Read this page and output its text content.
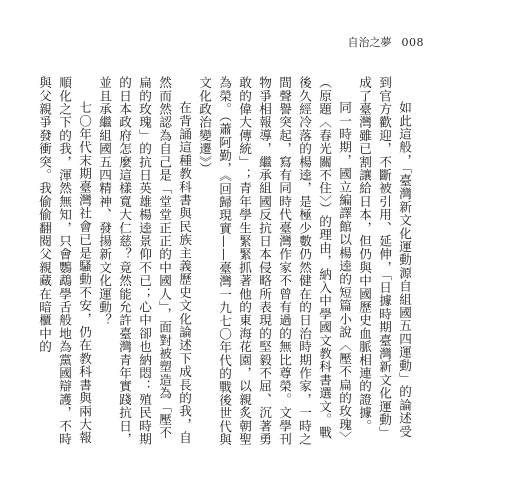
自治之夢 008

如此這般，「臺灣新文化運動源自組國五四運動」的論述受到官方歡迎，不斷被引用、延伸，「日據時期臺灣新文化運動」成了臺灣雖已割讓給日本，但仍與中國歷史血脈相連的證據。

同一時期，國立編譯館以楊逵的短篇小說〈壓不扁的玫瑰〉（原題〈春光關不住〉）的理由，納入中學國文教科書選文。戰後久經冷落的楊逵，是極少數仍然健在的日治時期作家，一時之間聲譽突起，寫有同時代臺灣作家不曾有過的無比尊榮。文學刊物爭相報導，繼承組國反抗日本侵略所表現的堅毅不屈、沉著勇敢的偉大傳統」；青年學生緊緊抓著他的東海花園，以親炙朝聖為榮。（蕭阿勤，《回歸現實——臺灣一九七〇年代的戰後世代與文化政治變遷》）

在背誦這種教科書與民族主義歷史文化論述下成長的我，自然而然認為自己是「堂堂正正的中國人」，面對被塑造為「壓不扁的玫瑰」的抗日英雄楊逵景仰不已；心中卻也納悶：殖民時期的日本政府怎麼這樣寬大仁慈？竟然能允許臺灣青年實踐抗日，並且承繼組國五四精神、發揚新文化運動？

七〇年代末期臺灣社會已是騷動不安，仍在教科書與兩大報順化之下的我，渾然無知，只會鸚鵡學舌般地為黨國辯護，不時與父親爭發衝突。我偷偷翻閱父親藏在暗櫃中的
